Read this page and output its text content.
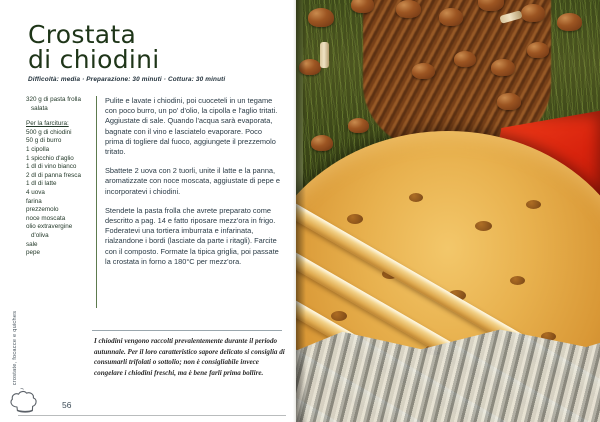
Crostata
di chiodini
Difficoltà: media · Preparazione: 30 minuti · Cottura: 30 minuti
320 g di pasta frolla
salata
Per la farcitura:
500 g di chiodini
50 g di burro
1 cipolla
1 spicchio d'aglio
1 dl di vino bianco
2 dl di panna fresca
1 dl di latte
4 uova
farina
prezzemolo
noce moscata
olio extravergine
d'oliva
sale
pepe

Pulite e lavate i chiodini, poi cuoceteli in un tegame con poco burro, un po' d'olio, la cipolla e l'aglio tritati. Aggiustate di sale. Quando l'acqua sarà evaporata, bagnate con il vino e lasciatelo evaporare. Poco prima di togliere dal fuoco, aggiungete il prezzemolo tritato.

Sbattete 2 uova con 2 tuorli, unite il latte e la panna, aromatizzate con noce moscata, aggiustate di pepe e incorporatevi i chiodini.

Stendete la pasta frolla che avrete preparato come descritto a pag. 14 e fatto riposare mezz'ora in frigo. Foderatevi una tortiera imburrata e infarinata, rialzandone i bordi (lasciate da parte i ritagli). Farcite con il composto. Formate la tipica griglia, poi passate la crostata in forno a 180°C per mezz'ora.

I chiodini vengono raccolti prevalentemente durante il periodo autunnale. Per il loro caratteristico sapore delicato si consiglia di consumarli trifolati o sottolio; non è consigliabile invece congelare i chiodini freschi, ma è bene farli prima bollire.
56
crostate, focacce e quiches
